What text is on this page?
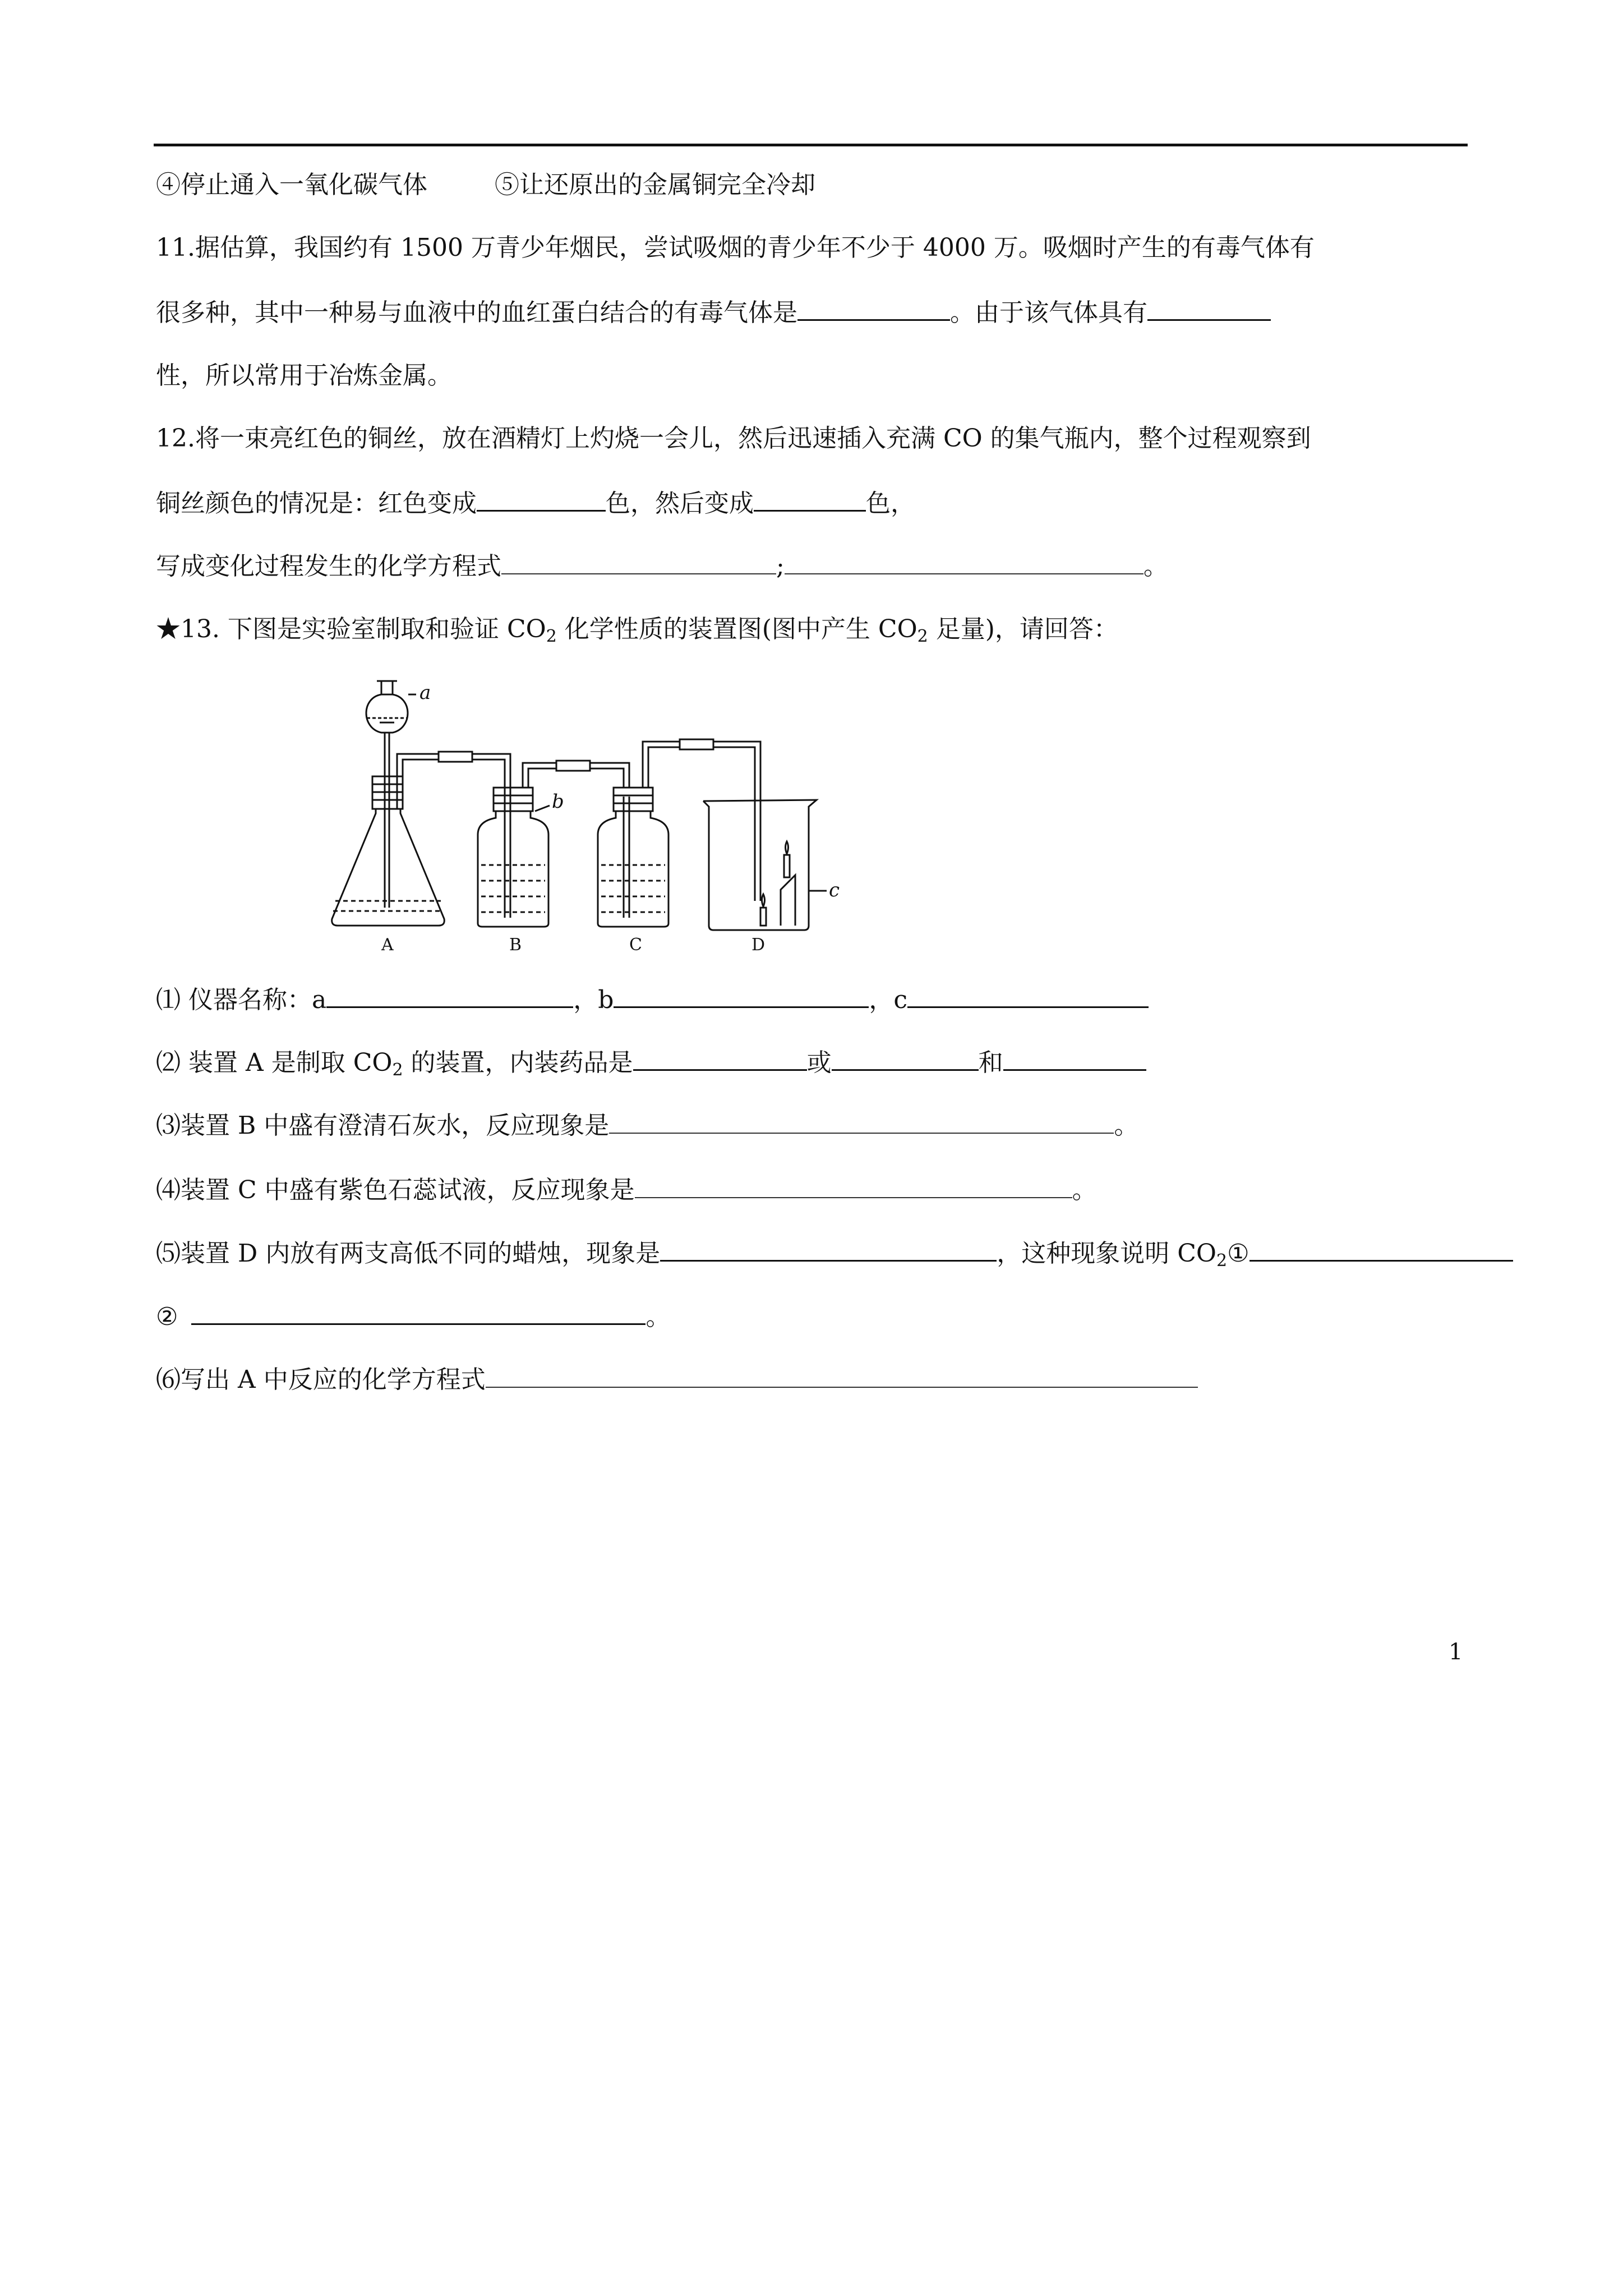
④停止通入一氧化碳气体	⑤让还原出的金属铜完全冷却
11.据估算，我国约有 1500 万青少年烟民，尝试吸烟的青少年不少于 4000 万。吸烟时产生的有毒气体有
很多种，其中一种易与血液中的血红蛋白结合的有毒气体是	。由于该气体具有
性，所以常用于冶炼金属。
12.将一束亮红色的铜丝，放在酒精灯上灼烧一会儿，然后迅速插入充满 CO 的集气瓶内，整个过程观察到
铜丝颜色的情况是：红色变成	色，然后变成	色，
写成变化过程发生的化学方程式	;	。
★13. 下图是实验室制取和验证 $CO_2$ 化学性质的装置图(图中产生 $CO_2$ 足量)，请回答：
a
b
c
A	B	C	D
⑴ 仪器名称：a	，b	，c
⑵ 装置 A 是制取 $CO_2$ 的装置，内装药品是	或	和
⑶装置 B 中盛有澄清石灰水，反应现象是	。
⑷装置 C 中盛有紫色石蕊试液，反应现象是	。
⑸装置 D 内放有两支高低不同的蜡烛，现象是	，这种现象说明 $CO_2①$
②	。
⑹写出 A 中反应的化学方程式
1
